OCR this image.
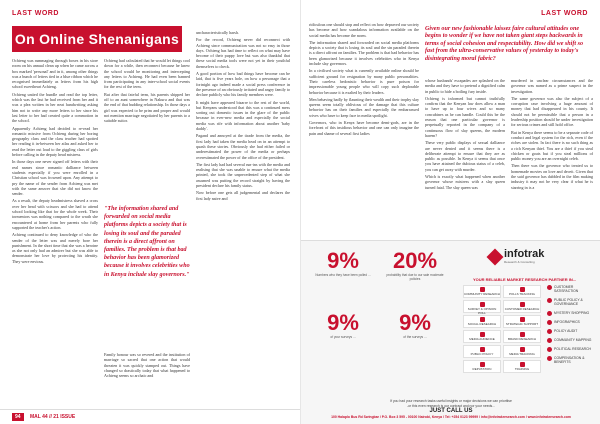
LAST WORD
On Online Shenanigans

Ochieng was rummaging through boxes in his store room on his annual clean up when he came across a box marked 'personal' and in it, among other things was a bunch of letters tied in a blue ribbon which he recognised immediately as letters from his high school sweetheart Achieng.

Ochieng untied the bundle and read the top letter, which was the last he had received from her and it was a plea written in her neat handwriting asking him not to write any more letters to her since his last letter to her had created quite a commotion in the school.

Apparently Achieng had decided to re-read her romantic missive from Ochieng during her boring geography class and the class teacher had spotted her reading it in-between her atlas and asked her to read the letter out loud to the giggling class of girls before calling in the deputy head mistress.

In those days one never signed off letters with their real names since romantic dalliance between students especially if you were enrolled in a Christian school was frowned upon. Any attempt to pry the name of the sender from Achieng was met with the same answer that she did not know the sender.

As a result, the deputy headmistress shaved a cross over her head with scissors and she had to attend school looking like that for the whole week. Their tormentors was nothing compared to the wrath she encountered at home from her parents who fully supported the teacher's action.

Achieng continued to deny knowledge of who the sender of the letter was and merely bore her punishment. In the short time that she was a heroine as she not only had an admirer but she was able to demonstrate her love by protecting his identity. They were envious.

Ochieng had calculated that he would let things cool down for a while, then reconnect because he knew the school would be monitoring and intercepting any letters to Achieng. He had even been banned from participating in any inter-school social events for the rest of the term.

But after that fateful term, his parents shipped her off to an aunt somewhere in Nakuru and that was the end of that budding relationship. In those days a girl was expected to be prim and proper and would not mention marriage negotiated by her parents to a suitable suitor.

"The information shared and forwarded on social media platforms depicts a society that is losing its soul and the paraded therein is a direct affront on families. The problem is that bad behavior has been glamorized because it involves celebrities who in Kenya include slay governors."

Family honour was so revered and the institution of marriage so sacred that one action that would threaten it was quickly stamped out. Things have changed so drastically today that what happened to Achieng seems so archaic and

uncharacteristically harsh.

For the record, Ochieng never did reconnect with Achieng since communication was not so easy in those days. Ochieng has had time to reflect on what may have become of their puppy love but was also thankful that these social media tools were not yet in their youthful themselves to check.

A good portion of how bad things have become can be laid, that is five years hole, on how a personage that a fortnight ago indeed made a social press conference in the presence of an obviously irritated and angry family to declare publicly who his family members were.

It might have appeared bizarre to the rest of the world, but Kenyans understood that this was a continued mess sorting out domestic issues in the glare of the public because in ever-new media and especially the social media was rife with information about another 'baby daddy'.

Pagand and annoyed at the tirade from the media, the first lady had taken the media head on in an attempt to quash these stories. Obviously she had either failed or underestimated the power of the media or perhaps overestimated the power of the office of the president.

The first lady had had several run-ins with the media and realising that she was unable to ensure what the media printed, she took the unprecedented step of what she assumed was putting the record straight by having the president declare his family status.

Now before one gets all judgemental and declares the first lady naive and

94	MAL 44 // 21 ISSUE
LAST WORD

ridiculous one should stop and reflect on how depraved our society has become and how scandalous information available on the social media has become the norm.

The information shared and forwarded on social media platforms depicts a society that is losing its soul and the sin paraded therein is a direct affront on families. The problem is that bad behavior has been glamorized because it involves celebrities who in Kenya include slay governors.

In a civilised society what is currently available online should be sufficient ground for resignation by many public personalities. Their careless hedonistic behavior is pure poison for impressionable young people who will copy such deplorable behavior because it is exalted by their leaders.

Men behaving badly by flaunting their wealth and their trophy slay queens seem totally oblivious of the damage that this culture behavior has on their families and especially the embarrassed wives who have to keep face in media spotlight.

Governors, who in Kenya have become demi-gods, are in the forefront of this insidious behavior and one can only imagine the pain and shame of several first ladies

Given our new fashionable laissez faire cultural attitudes one begins to wonder if we have not taken giant steps backwards in terms of social cohesion and respectability. How did we shift so fast from the ultra-conservative values of yesterday to today's disintegrating moral fabric?

whose husbands' escapades are splashed on the media and they have to pretend a dignified calm in public to hide a boiling fury inside.

Ochieng is informed but cannot truthfully confirm that the Kenyan law does allow a man to have up to four wives and so many concubines as he can handle. Could this be the reason that one particular governor is perpetually reported in the company of a continuous flow of slay queens, the modern harem?

These very public displays of sexual dalliance are never denied and it seems there is a deliberate attempt to ensure that they are as public as possible. In Kenya it seems that once you have attained the dubious status of a celeb, you can get away with murder.

Which is exactly what happened when another governor whose mistress with a slay queen turned fatal. The slay queen was

murdered in unclear circumstances and the governor was named as a prime suspect in the investigation.

The same governor was also the subject of a corruption case involving a huge amount of money that had disappeared in his county. It should not be permissible that a person in a leadership position should be under investigation for serious crimes and still hold office.

But in Kenya there seems to be a separate code of conduct and legal system for the rich, even if the riches are stolen. In fact there is no such thing as a rich Kenyan thief. You are a thief if you steal chicken or goats but if you steal millions of public money you are an overnight celeb.

Then there was the governor who treated us to homemade movies on love and deceit. Given that the said governor has dabbled in the film making industry it may not be very clear if what he is starring in is a

9%
Numbers who they have been polled ...
20%
probability that due to our sale moderate policies
9%
of your surveys ...
9%
of the surveys ...
infotrak
Research & Consulting
YOUR RELIABLE MARKET RESEARCH PARTNER IN...
COMMUNITY RESEARCH	POLLS TRACKING
SURVEY & OPINION POLL
CUSTOMER RESEARCH
SOCIAL RESEARCH	STRATEGIC SUPPORT
MEDIA AUDIENCE	BRAND RESEARCH
PUBLIC POLICY	MEDIA TRACKING
REPUTATION	TRAINING
CUSTOMER SATISFACTION
PUBLIC POLICY & GOVERNANCE
MYSTERY SHOPPING
INFOGRAPHICS
POLICY AUDIT
COMMUNITY MAPPING
POLITICAL RESEARCH
COMPENSATION & BENEFITS
If you had your research tasks useful insights or major decisions we can prioritise
-or this even research is our contract and nor your needs...
JUST CALL US
100 Halaplo Bus Rd Swingbar / P.O. Box 3 595 - 00100 Nairobi, Kenya / Tel: +254 0123 99999 / info@infotrakresearch.com / www.infotrakresearch.com
